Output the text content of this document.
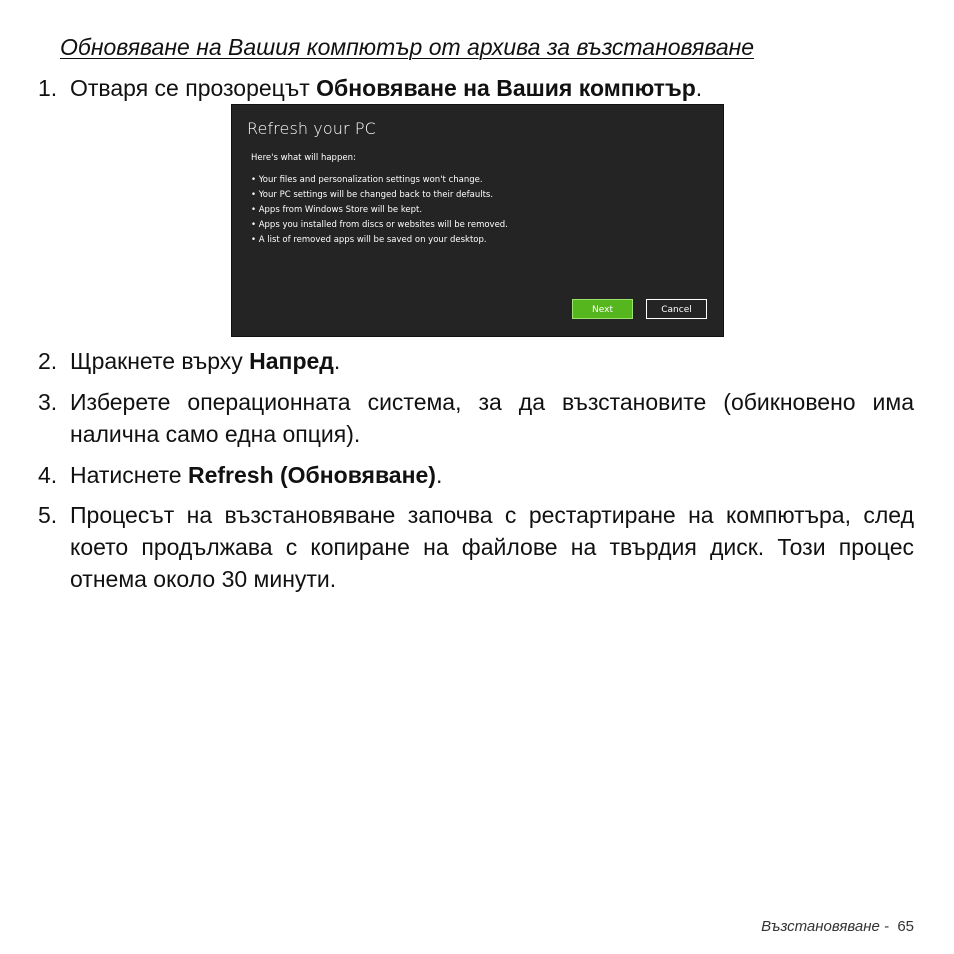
Обновяване на Вашия компютър от архива за възстановяване
1. Отваря се прозорецът Обновяване на Вашия компютър.
Refresh your PC
Here's what will happen:
• Your files and personalization settings won't change.
• Your PC settings will be changed back to their defaults.
• Apps from Windows Store will be kept.
• Apps you installed from discs or websites will be removed.
• A list of removed apps will be saved on your desktop.
Next	Cancel
2. Щракнете върху Напред.
3. Изберете операционната система, за да възстановите (обикновено има налична само една опция).
4. Натиснете Refresh (Обновяване).
5. Процесът на възстановяване започва с рестартиране на компютъра, след което продължава с копиране на файлове на твърдия диск. Този процес отнема около 30 минути.
Възстановяване -  65
